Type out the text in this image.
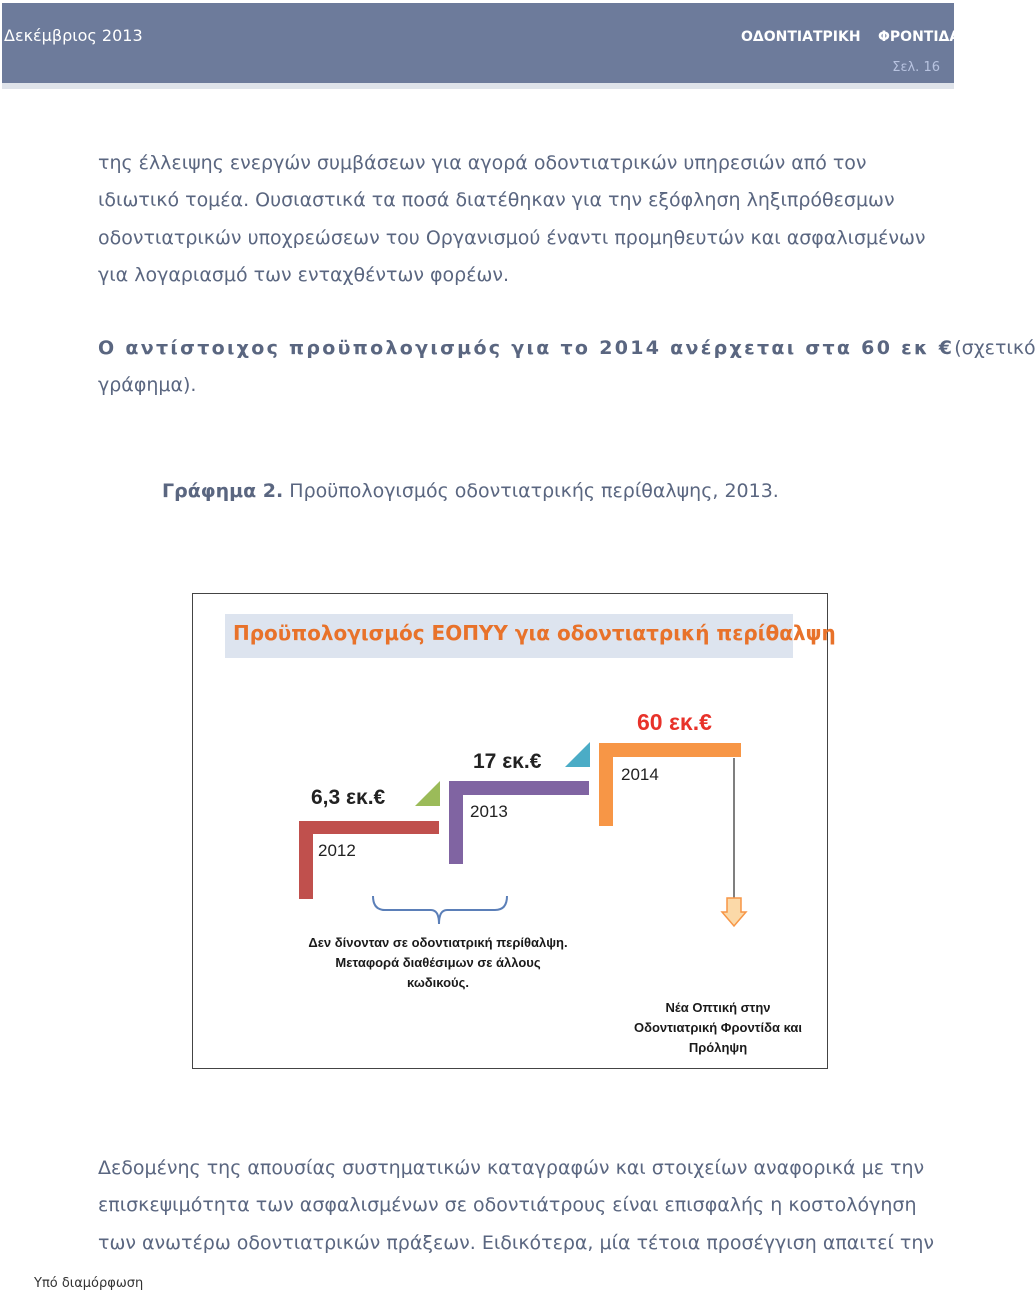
Δεκέμβριος 2013	ΟΔΟΝΤΙΑΤΡΙΚΗ ΦΡΟΝΤΙΔΑ
Σελ. 16
της έλλειψης ενεργών συμβάσεων για αγορά οδοντιατρικών υπηρεσιών από τον
ιδιωτικό τομέα. Ουσιαστικά τα ποσά διατέθηκαν για την εξόφληση ληξιπρόθεσμων
οδοντιατρικών υποχρεώσεων του Οργανισμού έναντι προμηθευτών και ασφαλισμένων
για λογαριασμό των ενταχθέντων φορέων.
Ο αντίστοιχος προϋπολογισμός για το 2014 ανέρχεται στα 60 εκ € (σχετικό
γράφημα).
Γράφημα 2. Προϋπολογισμός οδοντιατρικής περίθαλψης, 2013.
Προϋπολογισμός ΕΟΠΥΥ για οδοντιατρική περίθαλψη
2012
6,3 εκ.€
2013
17 εκ.€
2014
60 εκ.€
Δεν δίνονταν σε οδοντιατρική περίθαλψη.
Μεταφορά διαθέσιμων σε άλλους
κωδικούς.
Νέα Οπτική στην
Οδοντιατρική Φροντίδα και
Πρόληψη
Δεδομένης της απουσίας συστηματικών καταγραφών και στοιχείων αναφορικά με την
επισκεψιμότητα των ασφαλισμένων σε οδοντιάτρους είναι επισφαλής η κοστολόγηση
των ανωτέρω οδοντιατρικών πράξεων. Ειδικότερα, μία τέτοια προσέγγιση απαιτεί την
Υπό διαμόρφωση
